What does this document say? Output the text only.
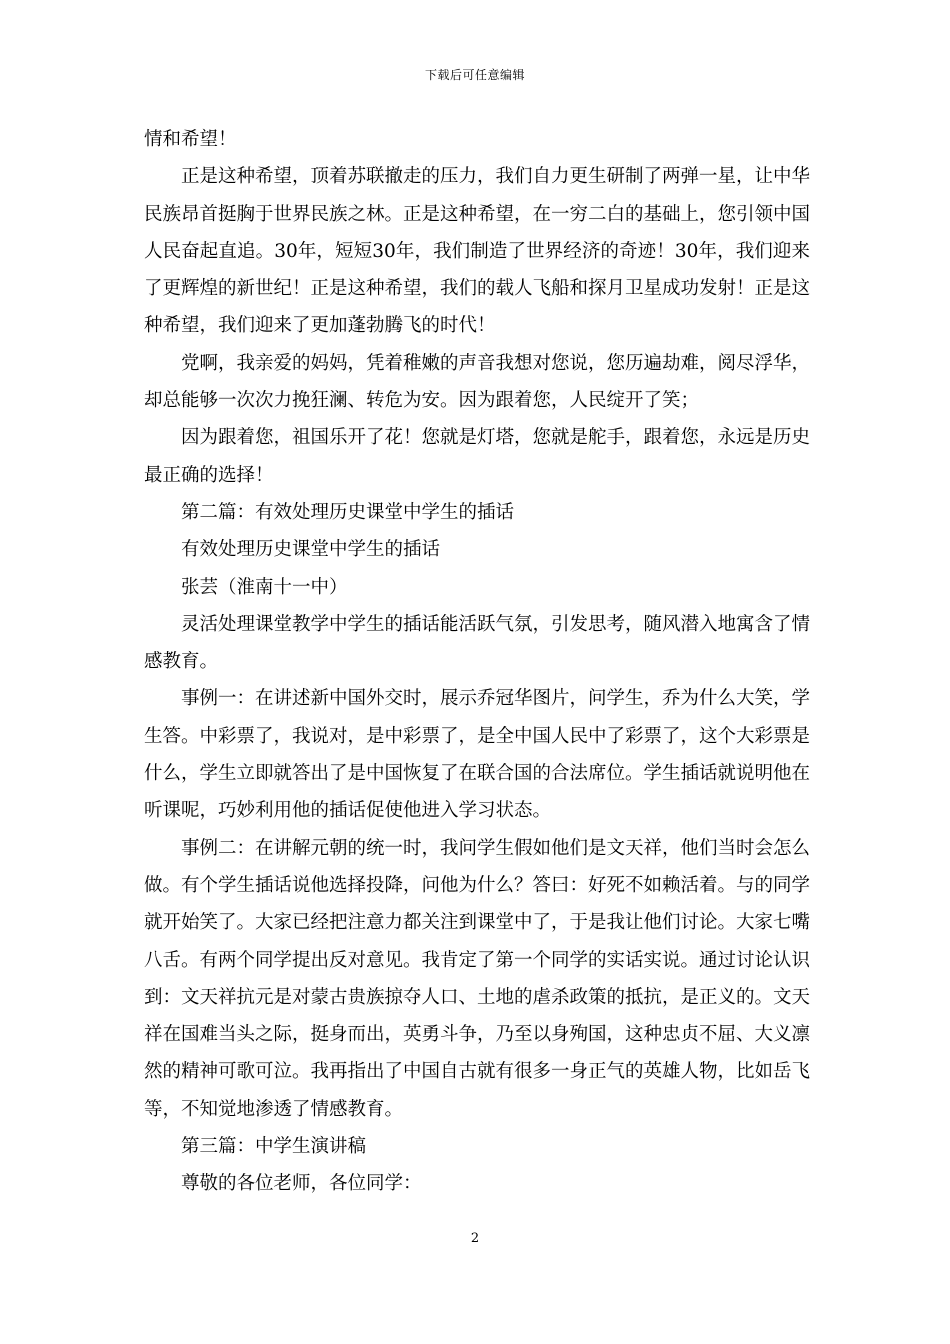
下载后可任意编辑

情和希望！

正是这种希望，顶着苏联撤走的压力，我们自力更生研制了两弹一星，让中华民族昂首挺胸于世界民族之林。正是这种希望，在一穷二白的基础上，您引领中国人民奋起直追。30年，短短30年，我们制造了世界经济的奇迹！30年，我们迎来了更辉煌的新世纪！正是这种希望，我们的载人飞船和探月卫星成功发射！正是这种希望，我们迎来了更加蓬勃腾飞的时代！

党啊，我亲爱的妈妈，凭着稚嫩的声音我想对您说，您历遍劫难，阅尽浮华，却总能够一次次力挽狂澜、转危为安。因为跟着您，人民绽开了笑；

因为跟着您，祖国乐开了花！您就是灯塔，您就是舵手，跟着您，永远是历史最正确的选择！

第二篇：有效处理历史课堂中学生的插话

有效处理历史课堂中学生的插话

张芸（淮南十一中）

灵活处理课堂教学中学生的插话能活跃气氛，引发思考，随风潜入地寓含了情感教育。

事例一：在讲述新中国外交时，展示乔冠华图片，问学生，乔为什么大笑，学生答。中彩票了，我说对，是中彩票了，是全中国人民中了彩票了，这个大彩票是什么，学生立即就答出了是中国恢复了在联合国的合法席位。学生插话就说明他在听课呢，巧妙利用他的插话促使他进入学习状态。

事例二：在讲解元朝的统一时，我问学生假如他们是文天祥，他们当时会怎么做。有个学生插话说他选择投降，问他为什么？答曰：好死不如赖活着。与的同学就开始笑了。大家已经把注意力都关注到课堂中了，于是我让他们讨论。大家七嘴八舌。有两个同学提出反对意见。我肯定了第一个同学的实话实说。通过讨论认识到：文天祥抗元是对蒙古贵族掠夺人口、土地的虐杀政策的抵抗，是正义的。文天祥在国难当头之际，挺身而出，英勇斗争，乃至以身殉国，这种忠贞不屈、大义凛然的精神可歌可泣。我再指出了中国自古就有很多一身正气的英雄人物，比如岳飞等，不知觉地渗透了情感教育。

第三篇：中学生演讲稿

尊敬的各位老师，各位同学：

2
